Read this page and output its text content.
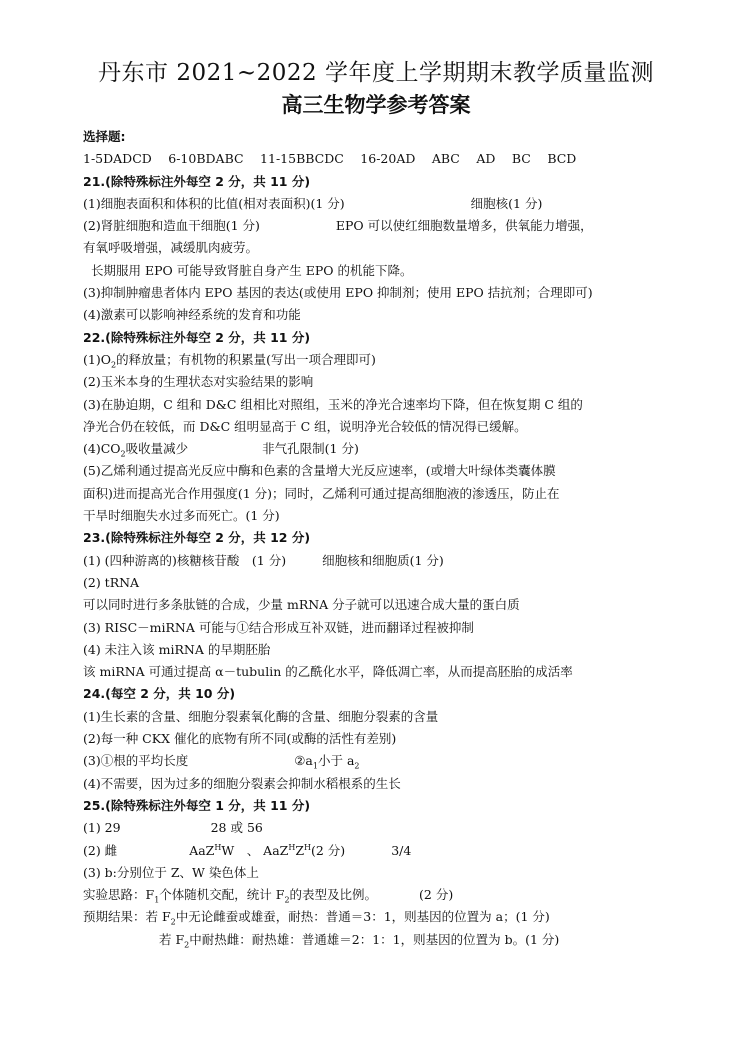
丹东市 2021~2022 学年度上学期期末教学质量监测
高三生物学参考答案
选择题:
1-5DADCD　 6-10BDABC　 11-15BBCDC　 16-20AD　 ABC　 AD　 BC　 BCD
21.(除特殊标注外每空 2 分，共 11 分)
(1)细胞表面积和体积的比值(相对表面积)(1 分)	细胞核(1 分)
(2)肾脏细胞和造血干细胞(1 分)	EPO 可以使红细胞数量增多，供氧能力增强，
有氧呼吸增强，减缓肌肉疲劳。
长期服用 EPO 可能导致肾脏自身产生 EPO 的机能下降。
(3)抑制肿瘤患者体内 EPO 基因的表达(或使用 EPO 抑制剂；使用 EPO 拮抗剂；合理即可)
(4)激素可以影响神经系统的发育和功能
22.(除特殊标注外每空 2 分，共 11 分)
$(1)O_2$的释放量；有机物的积累量(写出一项合理即可)
(2)玉米本身的生理状态对实验结果的影响
(3)在胁迫期，C 组和 D&C 组相比对照组，玉米的净光合速率均下降，但在恢复期 C 组的
净光合仍在较低，而 D&C 组明显高于 C 组，说明净光合较低的情况得已缓解。
$(4)CO_2$吸收量减少	非气孔限制(1 分)
(5)乙烯利通过提高光反应中酶和色素的含量增大光反应速率，(或增大叶绿体类囊体膜
面积)进而提高光合作用强度(1 分)；同时，乙烯利可通过提高细胞液的渗透压，防止在
干旱时细胞失水过多而死亡。(1 分)
23.(除特殊标注外每空 2 分，共 12 分)
(1) (四种游离的)核糖核苷酸　(1 分)	细胞核和细胞质(1 分)
(2) tRNA
可以同时进行多条肽链的合成，少量 mRNA 分子就可以迅速合成大量的蛋白质
(3) RISC－miRNA 可能与①结合形成互补双链，进而翻译过程被抑制
(4) 未注入该 miRNA 的早期胚胎
该 miRNA 可通过提高 α－tubulin 的乙酰化水平，降低凋亡率，从而提高胚胎的成活率
24.(每空 2 分，共 10 分)
(1)生长素的含量、细胞分裂素氧化酶的含量、细胞分裂素的含量
(2)每一种 CKX 催化的底物有所不同(或酶的活性有差别)
(3)①根的平均长度	$②a_1$小于 $a_2$
(4)不需要，因为过多的细胞分裂素会抑制水稻根系的生长
25.(除特殊标注外每空 1 分，共 11 分)
(1) 29	28 或 56
(2) 雌	AaZ$^H$W　、 $AaZ^HZ^H(2$ 分)	3/4
(3) b:分别位于 Z、W 染色体上
实验思路：$F_1$个体随机交配，统计 $F_2$的表型及比例。	(2 分)
预期结果：若 $F_2$中无论雌蚕或雄蚕，耐热：普通＝3：1，则基因的位置为 a；(1 分)
若 $F_2$中耐热雌：耐热雄：普通雄＝2：1：1，则基因的位置为 b。(1 分)
